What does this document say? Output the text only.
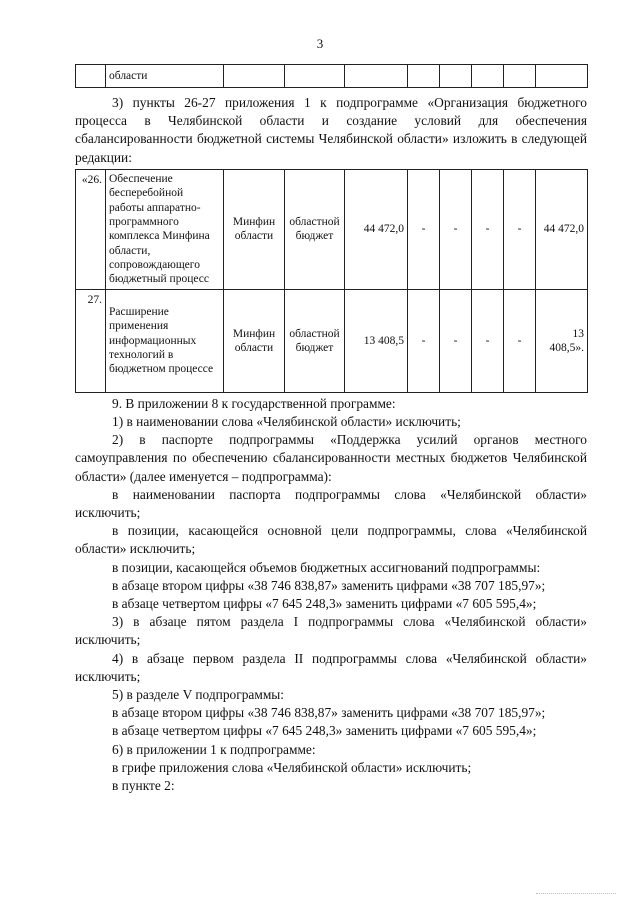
3
	области								

3) пункты 26-27 приложения 1 к подпрограмме «Организация бюджетного процесса в Челябинской области и создание условий для обеспечения сбалансированности бюджетной системы Челябинской области» изложить в следующей редакции:

«26.	Обеспечение бесперебойной работы аппаратно-программного комплекса Минфина области, сопровождающего бюджетный процесс	Минфин области	областной бюджет	44 472,0	-	-	-	-	44 472,0
27.	Расширение применения информационных технологий в бюджетном процессе	Минфин области	областной бюджет	13 408,5	-	-	-	-	13 408,5».

9. В приложении 8 к государственной программе:

1) в наименовании слова «Челябинской области» исключить;

2) в паспорте подпрограммы «Поддержка усилий органов местного самоуправления по обеспечению сбалансированности местных бюджетов Челябинской области» (далее именуется – подпрограмма):

в наименовании паспорта подпрограммы слова «Челябинской области» исключить;

в позиции, касающейся основной цели подпрограммы, слова «Челябинской области» исключить;

в позиции, касающейся объемов бюджетных ассигнований подпрограммы:

в абзаце втором цифры «38 746 838,87» заменить цифрами «38 707 185,97»;

в абзаце четвертом цифры «7 645 248,3» заменить цифрами «7 605 595,4»;

3) в абзаце пятом раздела I подпрограммы слова «Челябинской области» исключить;

4) в абзаце первом раздела II подпрограммы слова «Челябинской области» исключить;

5) в разделе V подпрограммы:

в абзаце втором цифры «38 746 838,87» заменить цифрами «38 707 185,97»;

в абзаце четвертом цифры «7 645 248,3» заменить цифрами «7 605 595,4»;

6) в приложении 1 к подпрограмме:

в грифе приложения слова «Челябинской области» исключить;

в пункте 2:
